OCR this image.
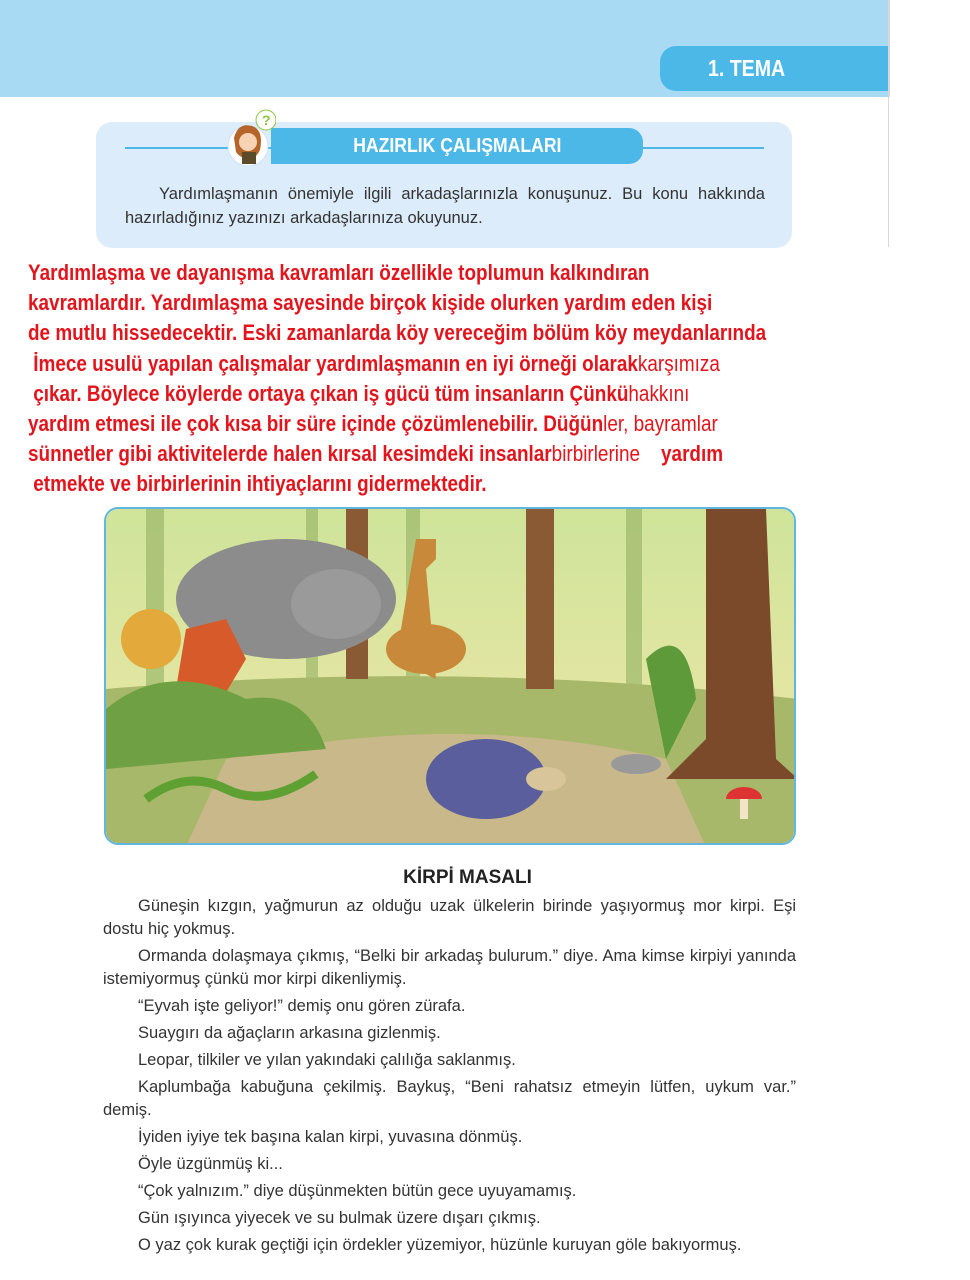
1. TEMA
HAZIRLIK ÇALIŞMALARI
?
Yardımlaşmanın önemiyle ilgili arkadaşlarınızla konuşunuz. Bu konu hakkında hazırladığınız yazınızı arkadaşlarınıza okuyunuz.
Yardımlaşma ve dayanışma kavramları özellikle toplumun kalkındıran
kavramlardır. Yardımlaşma sayesinde birçok kişide olurken yardım eden kişi
de mutlu hissedecektir. Eski zamanlarda köy vereceğim bölüm köy meydanlarında
İmece usulü yapılan çalışmalar yardımlaşmanın en iyi örneği olarakkarşımıza
çıkar. Böylece köylerde ortaya çıkan iş gücü tüm insanların Çünkühakkını
yardım etmesi ile çok kısa bir süre içinde çözümlenebilir. Düğünler, bayramlar
sünnetler gibi aktivitelerde halen kırsal kesimdeki insanlarbirbirlerine    yardım
etmekte ve birbirlerinin ihtiyaçlarını gidermektedir.
KİRPİ MASALI

Güneşin kızgın, yağmurun az olduğu uzak ülkelerin birinde yaşıyormuş mor kirpi. Eşi dostu hiç yokmuş.

Ormanda dolaşmaya çıkmış, “Belki bir arkadaş bulurum.” diye. Ama kimse kirpiyi yanında istemiyormuş çünkü mor kirpi dikenliymiş.

“Eyvah işte geliyor!” demiş onu gören zürafa.

Suaygırı da ağaçların arkasına gizlenmiş.

Leopar, tilkiler ve yılan yakındaki çalılığa saklanmış.

Kaplumbağa kabuğuna çekilmiş. Baykuş, “Beni rahatsız etmeyin lütfen, uykum var.” demiş.

İyiden iyiye tek başına kalan kirpi, yuvasına dönmüş.

Öyle üzgünmüş ki...

“Çok yalnızım.” diye düşünmekten bütün gece uyuyamamış.

Gün ışıyınca yiyecek ve su bulmak üzere dışarı çıkmış.

O yaz çok kurak geçtiği için ördekler yüzemiyor, hüzünle kuruyan göle bakıyormuş.
